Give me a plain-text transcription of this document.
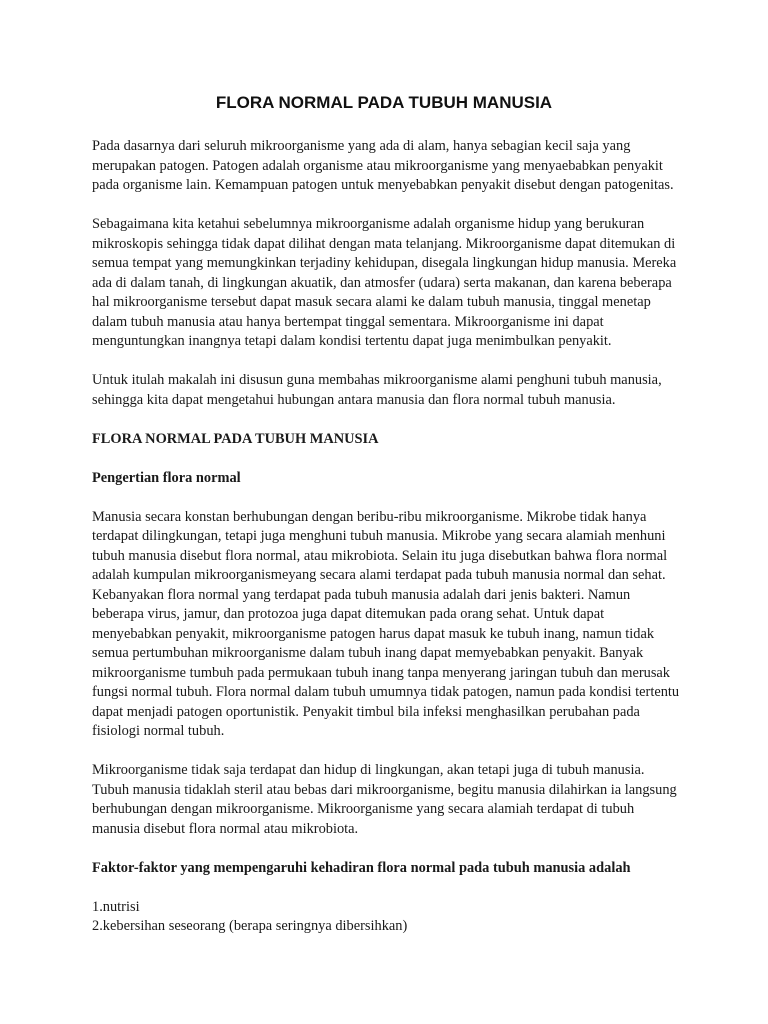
FLORA NORMAL PADA TUBUH MANUSIA

Pada dasarnya dari seluruh mikroorganisme yang ada di alam, hanya sebagian kecil saja yang merupakan patogen. Patogen adalah organisme atau mikroorganisme yang menyaebabkan penyakit pada organisme lain. Kemampuan patogen untuk menyebabkan penyakit disebut dengan patogenitas.

Sebagaimana kita ketahui sebelumnya mikroorganisme adalah organisme hidup yang berukuran mikroskopis sehingga tidak dapat dilihat dengan mata telanjang. Mikroorganisme dapat ditemukan di semua tempat yang memungkinkan terjadiny kehidupan, disegala lingkungan hidup manusia. Mereka ada di dalam tanah, di lingkungan akuatik, dan atmosfer (udara) serta makanan, dan karena beberapa hal mikroorganisme tersebut dapat masuk secara alami ke dalam tubuh manusia, tinggal menetap dalam tubuh manusia atau hanya bertempat tinggal sementara. Mikroorganisme ini dapat menguntungkan inangnya tetapi dalam kondisi tertentu dapat juga menimbulkan penyakit.

Untuk itulah makalah ini disusun guna membahas mikroorganisme alami penghuni tubuh manusia, sehingga kita dapat mengetahui hubungan antara manusia dan flora normal tubuh manusia.

FLORA NORMAL PADA TUBUH MANUSIA
Pengertian flora normal

Manusia secara konstan berhubungan dengan beribu-ribu mikroorganisme. Mikrobe tidak hanya terdapat dilingkungan, tetapi juga menghuni tubuh manusia. Mikrobe yang secara alamiah menhuni tubuh manusia disebut flora normal, atau mikrobiota. Selain itu juga disebutkan bahwa flora normal adalah kumpulan mikroorganismeyang secara alami terdapat pada tubuh manusia normal dan sehat. Kebanyakan flora normal yang terdapat pada tubuh manusia adalah dari jenis bakteri. Namun beberapa virus, jamur, dan protozoa juga dapat ditemukan pada orang sehat. Untuk dapat menyebabkan penyakit, mikroorganisme patogen harus dapat masuk ke tubuh inang, namun tidak semua pertumbuhan mikroorganisme dalam tubuh inang dapat memyebabkan penyakit. Banyak mikroorganisme tumbuh pada permukaan tubuh inang tanpa menyerang jaringan tubuh dan merusak fungsi normal tubuh. Flora normal dalam tubuh umumnya tidak patogen, namun pada kondisi tertentu dapat menjadi patogen oportunistik. Penyakit timbul bila infeksi menghasilkan perubahan pada fisiologi normal tubuh.

Mikroorganisme tidak saja terdapat dan hidup di lingkungan, akan tetapi juga di tubuh manusia. Tubuh manusia tidaklah steril atau bebas dari mikroorganisme, begitu manusia dilahirkan ia langsung berhubungan dengan mikroorganisme. Mikroorganisme yang secara alamiah terdapat di tubuh manusia disebut flora normal atau mikrobiota.

Faktor-faktor yang mempengaruhi kehadiran flora normal pada tubuh manusia adalah
1.nutrisi
2.kebersihan seseorang (berapa seringnya dibersihkan)
